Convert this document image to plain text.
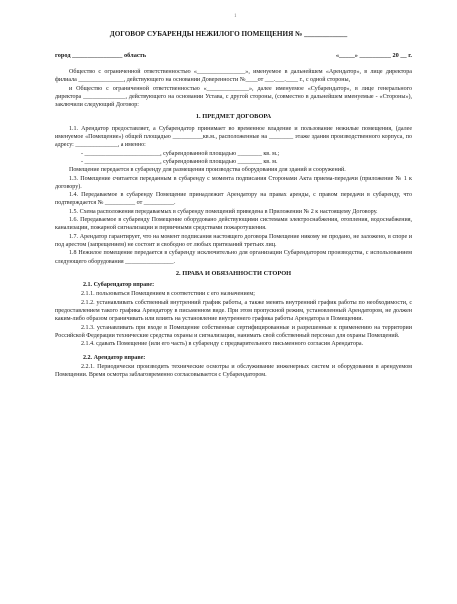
1
ДОГОВОР СУБАРЕНДЫ НЕЖИЛОГО ПОМЕЩЕНИЯ № ____________
город ________________ область	«_____» __________ 20 __ г.

Общество с ограниченной ответственностью «________________», именуемое в дальнейшем «Арендатор», в лице директора филиала _______________, действующего на основании Доверенности №____от ___.___.____ г., с одной стороны,

и Общество с ограниченной ответственностью «______________», далее именуемое «Субарендатор», в лице генерального директора ______________, действующего на основании Устава, с другой стороны, (совместно в дальнейшем именуемые - «Стороны»), заключили следующий Договор:

1. ПРЕДМЕТ ДОГОВОРА

1.1. Арендатор предоставляет, а Субарендатор принимает во временное владение и пользование нежилые помещения, (далее именуемое «Помещение») общей площадью __________кв.м., расположенные на ________ этаже здания производственного корпуса, по адресу: ______________, а именно:

- _________________________, субарендованной площадью ________ кв. м.;

- _________________________, субарендованной площадью ________ кв. м.

Помещение передается в субаренду для размещения производства оборудования для зданий и сооружений.

1.3. Помещение считается переданным в субаренду с момента подписания Сторонами Акта приема-передачи (приложение № 1 к договору).

1.4. Передаваемое в субаренду Помещение принадлежит Арендатору на правах аренды, с правом передачи в субаренду, что подтверждается № __________ от __________.

1.5. Схема расположения передаваемых в субаренду помещений приведена в Приложении № 2 к настоящему Договору.

1.6. Передаваемое в субаренду Помещение оборудовано действующими системами электроснабжения, отопления, водоснабжения, канализации, пожарной сигнализации и первичными средствами пожаротушения.

1.7. Арендатор гарантирует, что на момент подписания настоящего договора Помещение никому не продано, не заложено, в споре и под арестом (запрещением) не состоит и свободно от любых притязаний третьих лиц.

1.8 Нежилое помещение передается в субаренду исключительно для организации Субарендатором производства, с использованием следующего оборудования ________________.

2. ПРАВА И ОБЯЗАННОСТИ СТОРОН

2.1. Субарендатор вправе:

2.1.1. пользоваться Помещением в соответствии с его назначением;

2.1.2. устанавливать собственный внутренний график работы, а также менять внутренний график работы по необходимости, с предоставлением такого графика Арендатору в письменном виде. При этом пропускной режим, установленный Арендатором, не должен каким-либо образом ограничивать или влиять на установление внутреннего графика работы Арендатора в Помещении.

2.1.3. устанавливать при входе в Помещение собственные сертифицированные и разрешенные к применению на территории Российской Федерации технические средства охраны и сигнализации, нанимать свой собственный персонал для охраны Помещений.

2.1.4. сдавать Помещение (или его часть) в субаренду с предварительного письменного согласия Арендатора.

2.2. Арендатор вправе:

2.2.1. Периодически производить технические осмотры и обслуживание инженерных систем и оборудования в арендуемом Помещении. Время осмотра заблаговременно согласовывается с Субарендатором.
